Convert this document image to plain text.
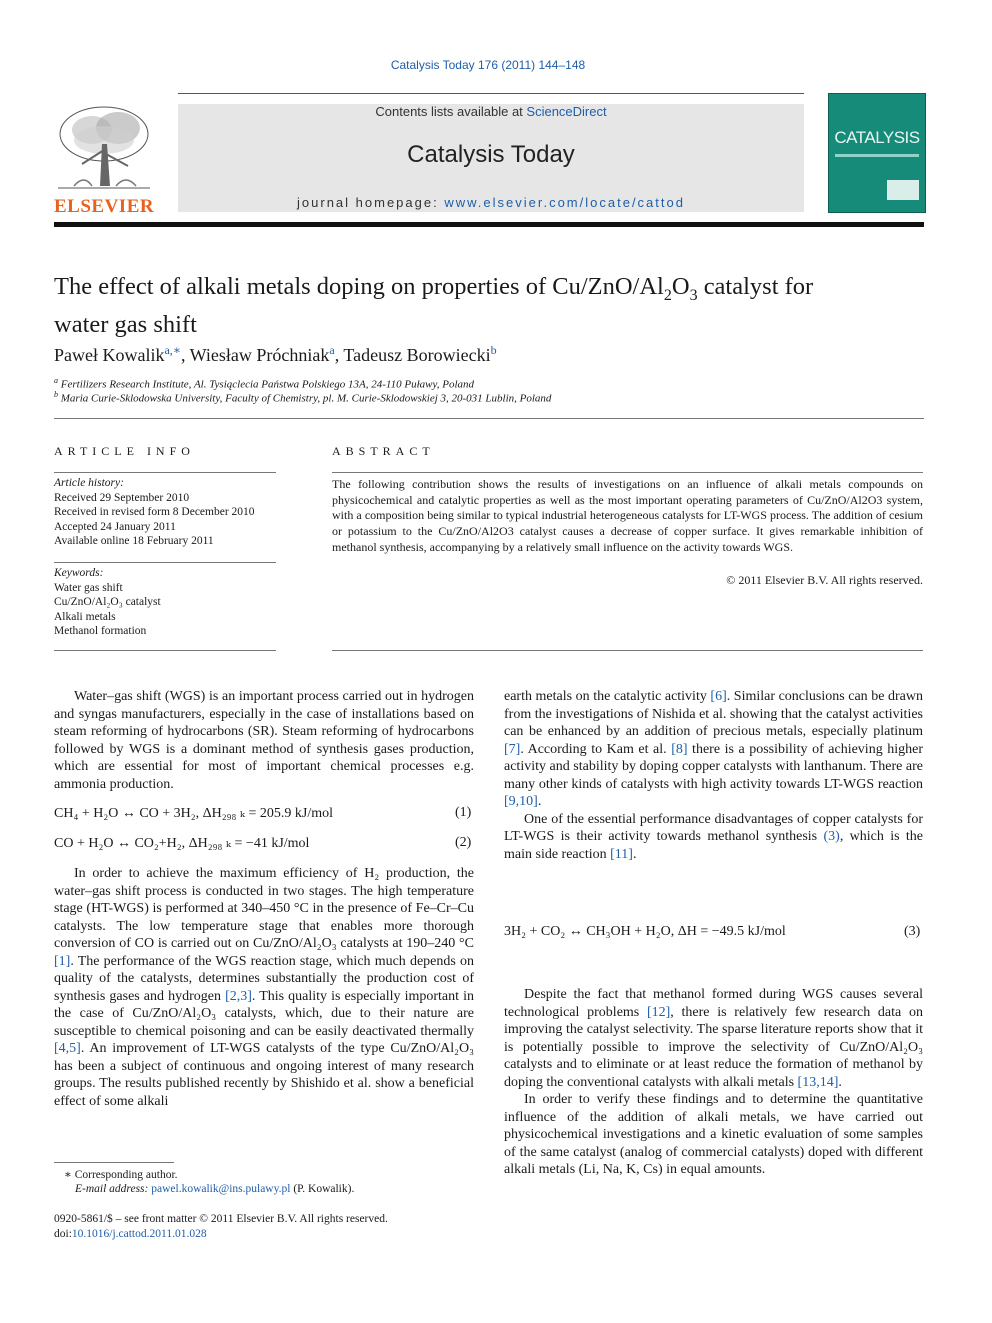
Catalysis Today 176 (2011) 144–148
ELSEVIER
Contents lists available at ScienceDirect
Catalysis Today
journal homepage: www.elsevier.com/locate/cattod
CATALYSIS
The effect of alkali metals doping on properties of $Cu/ZnO/Al_2O_3$ catalyst for
water gas shift
Paweł Kowalik$^{a,∗}$, Wiesław Próchniak$^a$, Tadeusz Borowiecki$^b$
$^a$ Fertilizers Research Institute, Al. Tysiąclecia Państwa Polskiego 13A, 24-110 Puławy, Poland
$^b$ Maria Curie-Sklodowska University, Faculty of Chemistry, pl. M. Curie-Sklodowskiej 3, 20-031 Lublin, Poland
ARTICLE INFO
Article history:
Received 29 September 2010
Received in revised form 8 December 2010
Accepted 24 January 2011
Available online 18 February 2011
Keywords:
Water gas shift
Cu/ZnO/Al₂O₃ catalyst
Alkali metals
Methanol formation
ABSTRACT
The following contribution shows the results of investigations on an influence of alkali metals compounds on physicochemical and catalytic properties as well as the most important operating parameters of Cu/ZnO/Al2O3 system, with a composition being similar to typical industrial heterogeneous catalysts for LT-WGS process. The addition of cesium or potassium to the Cu/ZnO/Al2O3 catalyst causes a decrease of copper surface. It gives remarkable inhibition of methanol synthesis, accompanying by a relatively small influence on the activity towards WGS.
© 2011 Elsevier B.V. All rights reserved.

Water–gas shift (WGS) is an important process carried out in hydrogen and syngas manufacturers, especially in the case of installations based on steam reforming of hydrocarbons (SR). Steam reforming of hydrocarbons followed by WGS is a dominant method of synthesis gases production, which are essential for most of important chemical processes e.g. ammonia production.

CH₄ + H₂O ↔ CO + 3H₂, ΔH₂₉₈ ₖ = 205.9 kJ/mol	(1)
CO + H₂O ↔ CO₂+H₂, ΔH₂₉₈ ₖ = −41 kJ/mol	(2)

In order to achieve the maximum efficiency of H₂ production, the water–gas shift process is conducted in two stages. The high temperature stage (HT-WGS) is performed at 340–450 °C in the presence of Fe–Cr–Cu catalysts. The low temperature stage that enables more thorough conversion of CO is carried out on Cu/ZnO/Al₂O₃ catalysts at 190–240 °C [1]. The performance of the WGS reaction stage, which much depends on quality of the catalysts, determines substantially the production cost of synthesis gases and hydrogen [2,3]. This quality is especially important in the case of Cu/ZnO/Al₂O₃ catalysts, which, due to their nature are susceptible to chemical poisoning and can be easily deactivated thermally [4,5]. An improvement of LT-WGS catalysts of the type Cu/ZnO/Al₂O₃ has been a subject of continuous and ongoing interest of many research groups. The results published recently by Shishido et al. show a beneficial effect of some alkali

earth metals on the catalytic activity [6]. Similar conclusions can be drawn from the investigations of Nishida et al. showing that the catalyst activities can be enhanced by an addition of precious metals, especially platinum [7]. According to Kam et al. [8] there is a possibility of achieving higher activity and stability by doping copper catalysts with lanthanum. There are many other kinds of catalysts with high activity towards LT-WGS reaction [9,10].

One of the essential performance disadvantages of copper catalysts for LT-WGS is their activity towards methanol synthesis (3), which is the main side reaction [11].

3H₂ + CO₂ ↔ CH₃OH + H₂O, ΔH = −49.5 kJ/mol	(3)

Despite the fact that methanol formed during WGS causes several technological problems [12], there is relatively few research data on improving the catalyst selectivity. The sparse literature reports show that it is potentially possible to improve the selectivity of Cu/ZnO/Al₂O₃ catalysts and to eliminate or at least reduce the formation of methanol by doping the conventional catalysts with alkali metals [13,14].

In order to verify these findings and to determine the quantitative influence of the addition of alkali metals, we have carried out physicochemical investigations and a kinetic evaluation of some samples of the same catalyst (analog of commercial catalysts) doped with different alkali metals (Li, Na, K, Cs) in equal amounts.

∗ Corresponding author.
E-mail address: pawel.kowalik@ins.pulawy.pl (P. Kowalik).
0920-5861/$ – see front matter © 2011 Elsevier B.V. All rights reserved.
doi:10.1016/j.cattod.2011.01.028
